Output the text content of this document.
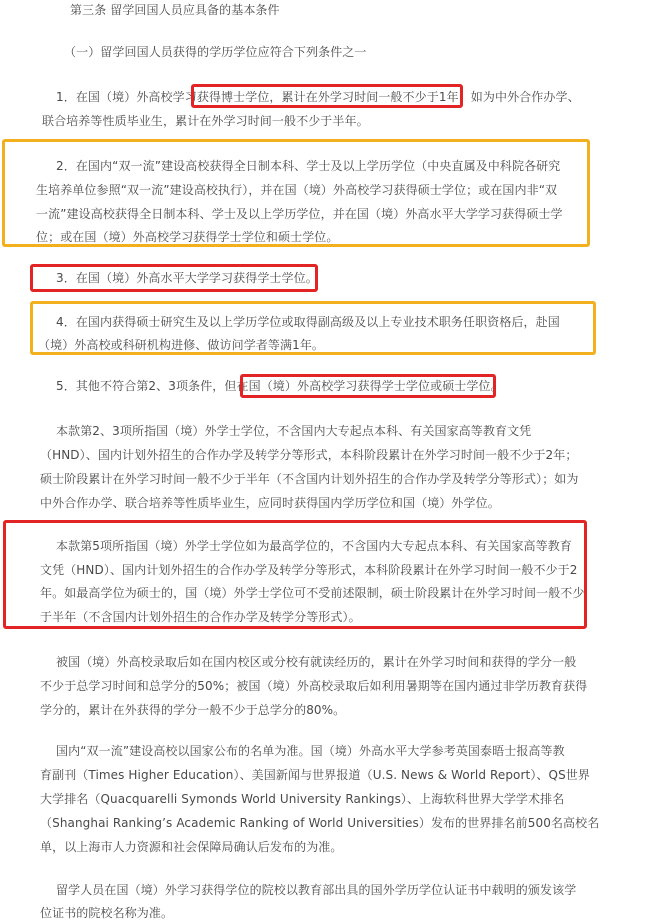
第三条 留学回国人员应具备的基本条件

（一）留学回国人员获得的学历学位应符合下列条件之一

1．在国（境）外高校学习获得博士学位，累计在外学习时间一般不少于1年；如为中外合作办学、

联合培养等性质毕业生，累计在外学习时间一般不少于半年。

2．在国内“双一流”建设高校获得全日制本科、学士及以上学历学位（中央直属及中科院各研究

生培养单位参照“双一流”建设高校执行），并在国（境）外高校学习获得硕士学位；或在国内非“双

一流”建设高校获得全日制本科、学士及以上学历学位，并在国（境）外高水平大学学习获得硕士学

位；或在国（境）外高校学习获得学士学位和硕士学位。

3．在国（境）外高水平大学学习获得学士学位。

4．在国内获得硕士研究生及以上学历学位或取得副高级及以上专业技术职务任职资格后，赴国

（境）外高校或科研机构进修、做访问学者等满1年。

5．其他不符合第2、3项条件，但在国（境）外高校学习获得学士学位或硕士学位。

本款第2、3项所指国（境）外学士学位，不含国内大专起点本科、有关国家高等教育文凭

（HND）、国内计划外招生的合作办学及转学分等形式，本科阶段累计在外学习时间一般不少于2年；

硕士阶段累计在外学习时间一般不少于半年（不含国内计划外招生的合作办学及转学分等形式）；如为

中外合作办学、联合培养等性质毕业生，应同时获得国内学历学位和国（境）外学位。

本款第5项所指国（境）外学士学位如为最高学位的，不含国内大专起点本科、有关国家高等教育

文凭（HND）、国内计划外招生的合作办学及转学分等形式，本科阶段累计在外学习时间一般不少于2

年。如最高学位为硕士的，国（境）外学士学位可不受前述限制，硕士阶段累计在外学习时间一般不少

于半年（不含国内计划外招生的合作办学及转学分等形式）。

被国（境）外高校录取后如在国内校区或分校有就读经历的，累计在外学习时间和获得的学分一般

不少于总学习时间和总学分的50%；被国（境）外高校录取后如利用暑期等在国内通过非学历教育获得

学分的，累计在外获得的学分一般不少于总学分的80%。

国内“双一流”建设高校以国家公布的名单为准。国（境）外高水平大学参考英国泰晤士报高等教

育副刊（Times Higher Education）、美国新闻与世界报道（U.S. News & World Report）、QS世界

大学排名（Quacquarelli Symonds World University Rankings）、上海软科世界大学学术排名

（Shanghai Ranking’s Academic Ranking of World Universities）发布的世界排名前500名高校名

单，以上海市人力资源和社会保障局确认后发布的为准。

留学人员在国（境）外学习获得学位的院校以教育部出具的国外学历学位认证书中载明的颁发该学

位证书的院校名称为准。
